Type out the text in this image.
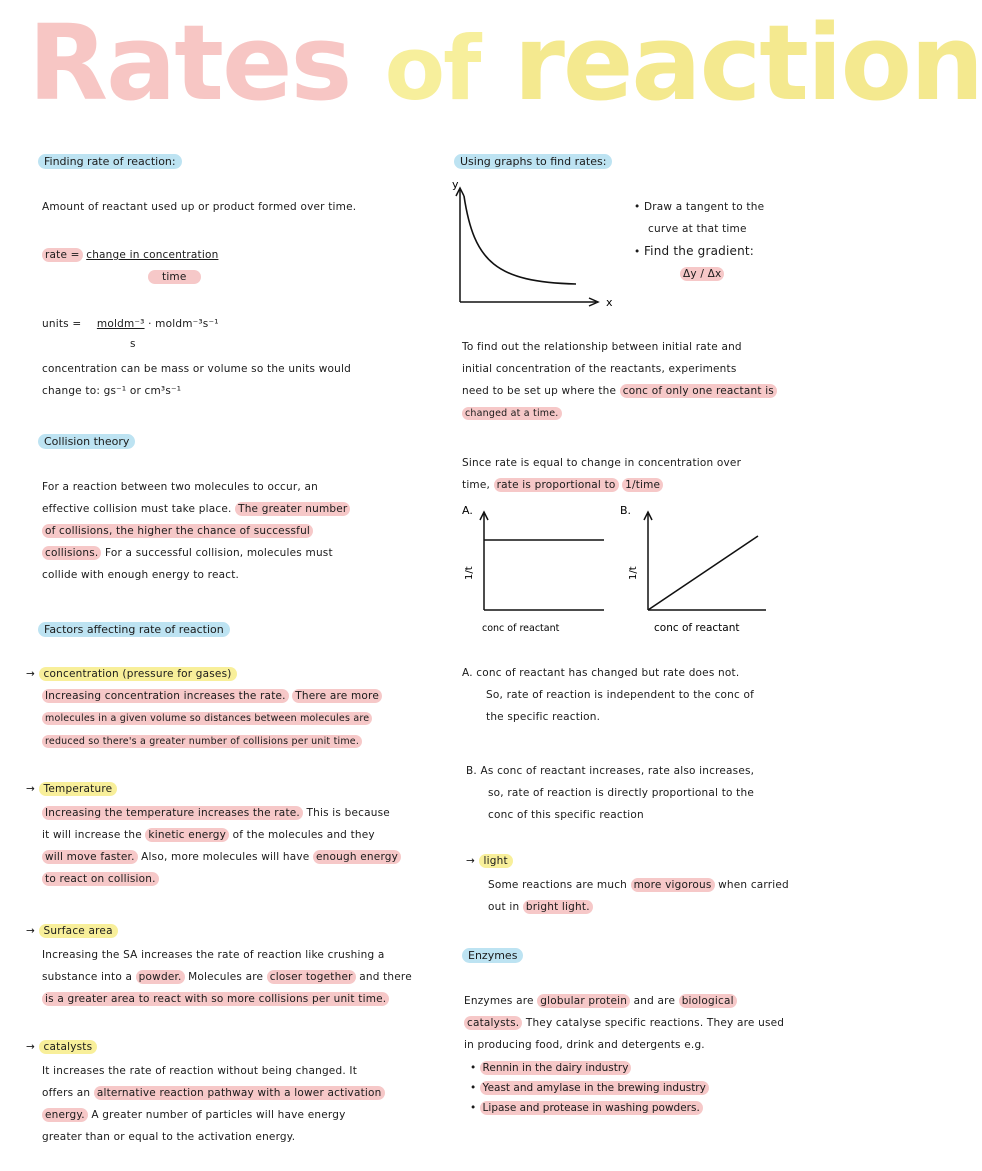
Rates of reaction
Finding rate of reaction:
Amount of reactant used up or product formed over time.
rate = change in concentration
time
units = moldm⁻³ · moldm⁻³s⁻¹
s
concentration can be mass or volume so the units would
change to: gs⁻¹ or cm³s⁻¹
Collision theory
For a reaction between two molecules to occur, an
effective collision must take place. The greater number
of collisions, the higher the chance of successful
collisions. For a successful collision, molecules must
collide with enough energy to react.
Factors affecting rate of reaction
→ concentration (pressure for gases)
Increasing concentration increases the rate. There are more
molecules in a given volume so distances between molecules are
reduced so there's a greater number of collisions per unit time.
→ Temperature
Increasing the temperature increases the rate. This is because
it will increase the kinetic energy of the molecules and they
will move faster. Also, more molecules will have enough energy
to react on collision.
→ Surface area
Increasing the SA increases the rate of reaction like crushing a
substance into a powder. Molecules are closer together and there
is a greater area to react with so more collisions per unit time.
→ catalysts
It increases the rate of reaction without being changed. It
offers an alternative reaction pathway with a lower activation
energy. A greater number of particles will have energy
greater than or equal to the activation energy.
Using graphs to find rates:
y
x
• Draw a tangent to the
curve at that time
• Find the gradient:
Δy / Δx
To find out the relationship between initial rate and
initial concentration of the reactants, experiments
need to be set up where the conc of only one reactant is
changed at a time.
Since rate is equal to change in concentration over
time, rate is proportional to 1/time
A.
1/t
conc of reactant
B.
1/t
conc of reactant
A. conc of reactant has changed but rate does not.
So, rate of reaction is independent to the conc of
the specific reaction.
B. As conc of reactant increases, rate also increases,
so, rate of reaction is directly proportional to the
conc of this specific reaction
→ light
Some reactions are much more vigorous when carried
out in bright light.
Enzymes
Enzymes are globular protein and are biological
catalysts. They catalyse specific reactions. They are used
in producing food, drink and detergents e.g.
• Rennin in the dairy industry
• Yeast and amylase in the brewing industry
• Lipase and protease in washing powders.
